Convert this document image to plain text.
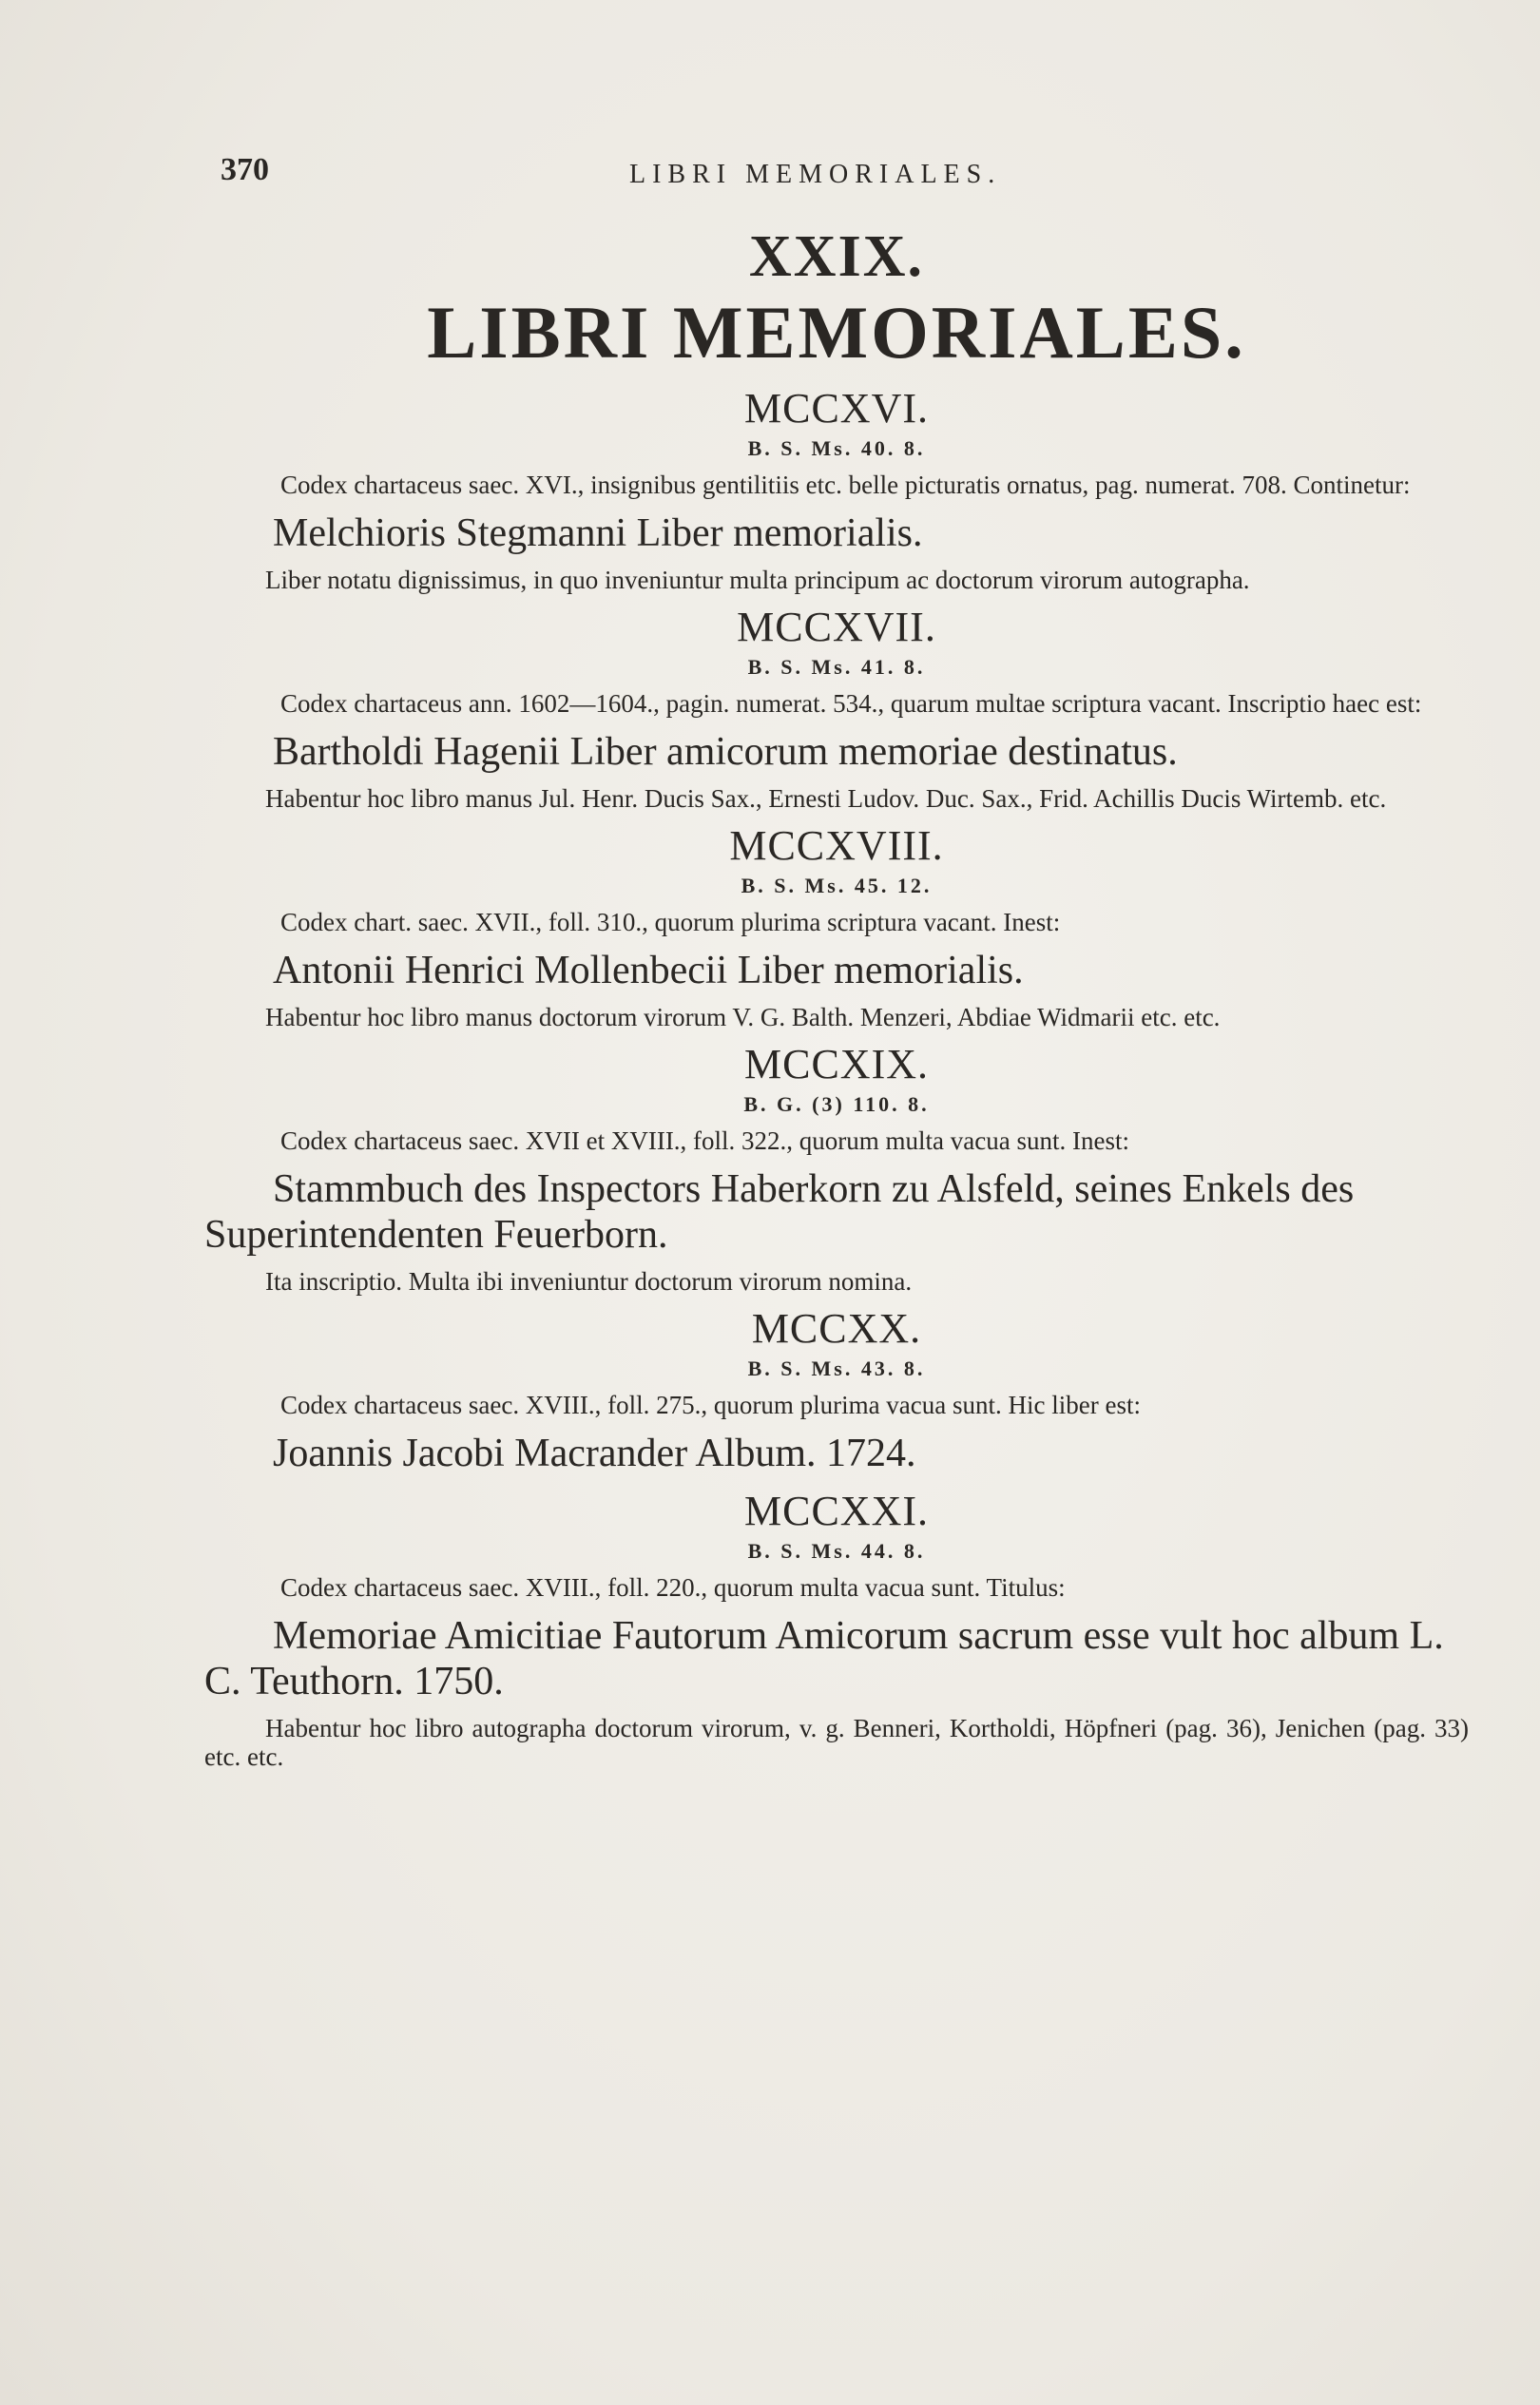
370	LIBRI MEMORIALES.
XXIX.
LIBRI MEMORIALES.
MCCXVI.
B. S. Ms. 40. 8.

Codex chartaceus saec. XVI., insignibus gentilitiis etc. belle picturatis ornatus, pag. numerat. 708. Continetur:

Melchioris Stegmanni Liber memorialis.

Liber notatu dignissimus, in quo inveniuntur multa principum ac doctorum virorum autographa.

MCCXVII.
B. S. Ms. 41. 8.

Codex chartaceus ann. 1602—1604., pagin. numerat. 534., quarum multae scriptura vacant. Inscriptio haec est:

Bartholdi Hagenii Liber amicorum memoriae destinatus.

Habentur hoc libro manus Jul. Henr. Ducis Sax., Ernesti Ludov. Duc. Sax., Frid. Achillis Ducis Wirtemb. etc.

MCCXVIII.
B. S. Ms. 45. 12.

Codex chart. saec. XVII., foll. 310., quorum plurima scriptura vacant. Inest:

Antonii Henrici Mollenbecii Liber memorialis.

Habentur hoc libro manus doctorum virorum V. G. Balth. Menzeri, Abdiae Widmarii etc. etc.

MCCXIX.
B. G. (3) 110. 8.

Codex chartaceus saec. XVII et XVIII., foll. 322., quorum multa vacua sunt. Inest:

Stammbuch des Inspectors Haberkorn zu Alsfeld, seines Enkels des Superintendenten Feuerborn.

Ita inscriptio. Multa ibi inveniuntur doctorum virorum nomina.

MCCXX.
B. S. Ms. 43. 8.

Codex chartaceus saec. XVIII., foll. 275., quorum plurima vacua sunt. Hic liber est:

Joannis Jacobi Macrander Album. 1724.

MCCXXI.
B. S. Ms. 44. 8.

Codex chartaceus saec. XVIII., foll. 220., quorum multa vacua sunt. Titulus:

Memoriae Amicitiae Fautorum Amicorum sacrum esse vult hoc album L. C. Teuthorn. 1750.

Habentur hoc libro autographa doctorum virorum, v. g. Benneri, Kortholdi, Höpfneri (pag. 36), Jenichen (pag. 33) etc. etc.
